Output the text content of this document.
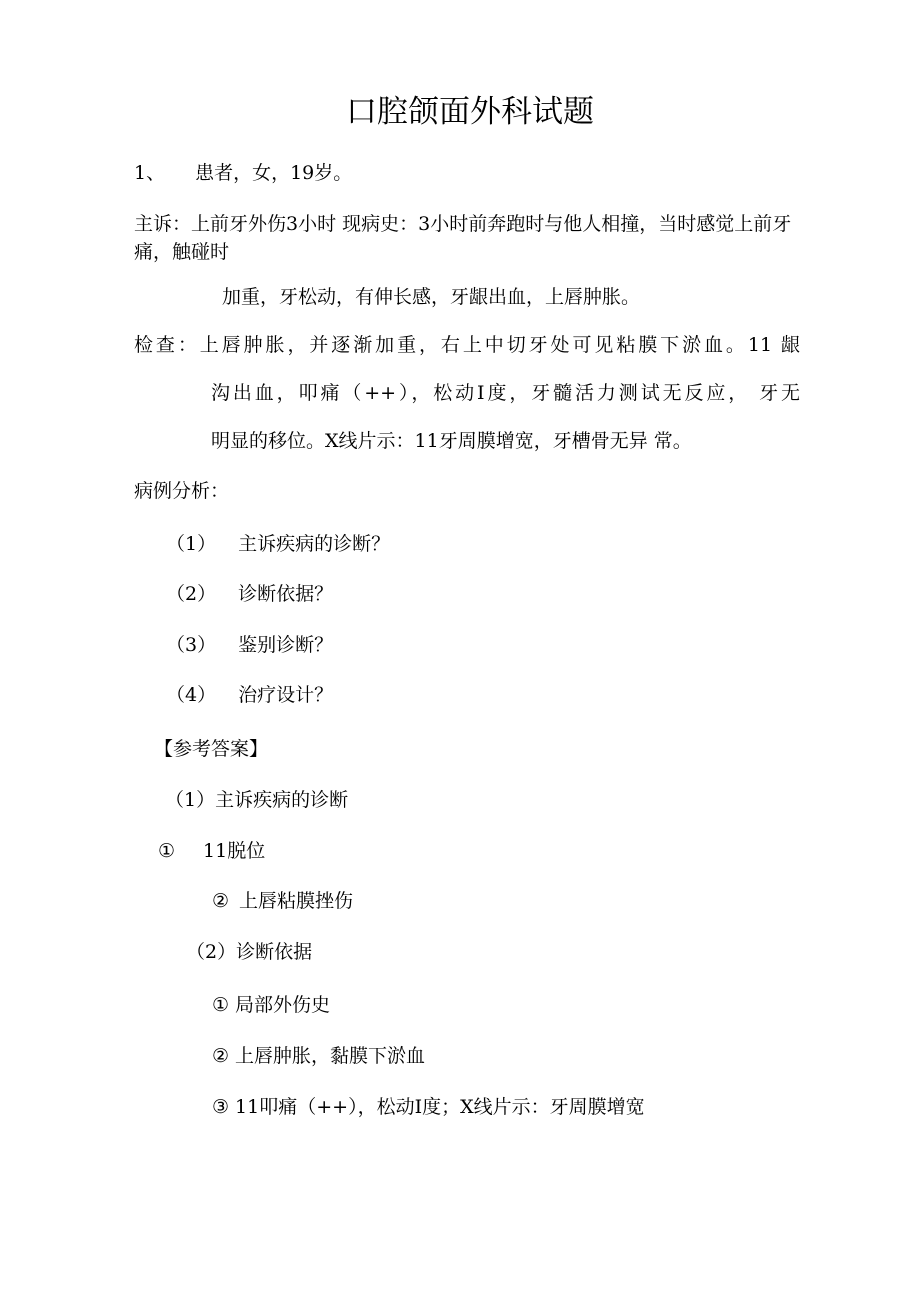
口腔颌面外科试题
1、 患者，女，19岁。
主诉：上前牙外伤3小时 现病史：3小时前奔跑时与他人相撞，当时感觉上前牙痛，触碰时
加重，牙松动，有伸长感，牙龈出血，上唇肿胀。
检查：上唇肿胀，并逐渐加重，右上中切牙处可见粘膜下淤血。11 龈
沟出血，叩痛（++），松动I度，牙髓活力测试无反应， 牙无
明显的移位。X线片示：11牙周膜增宽，牙槽骨无异 常。
病例分析：
（1） 主诉疾病的诊断？
（2） 诊断依据？
（3） 鉴别诊断？
（4） 治疗设计？
【参考答案】
（1）主诉疾病的诊断
① 11脱位
② 上唇粘膜挫伤
（2）诊断依据
① 局部外伤史
② 上唇肿胀，黏膜下淤血
③ 11叩痛（++），松动I度；X线片示：牙周膜增宽
